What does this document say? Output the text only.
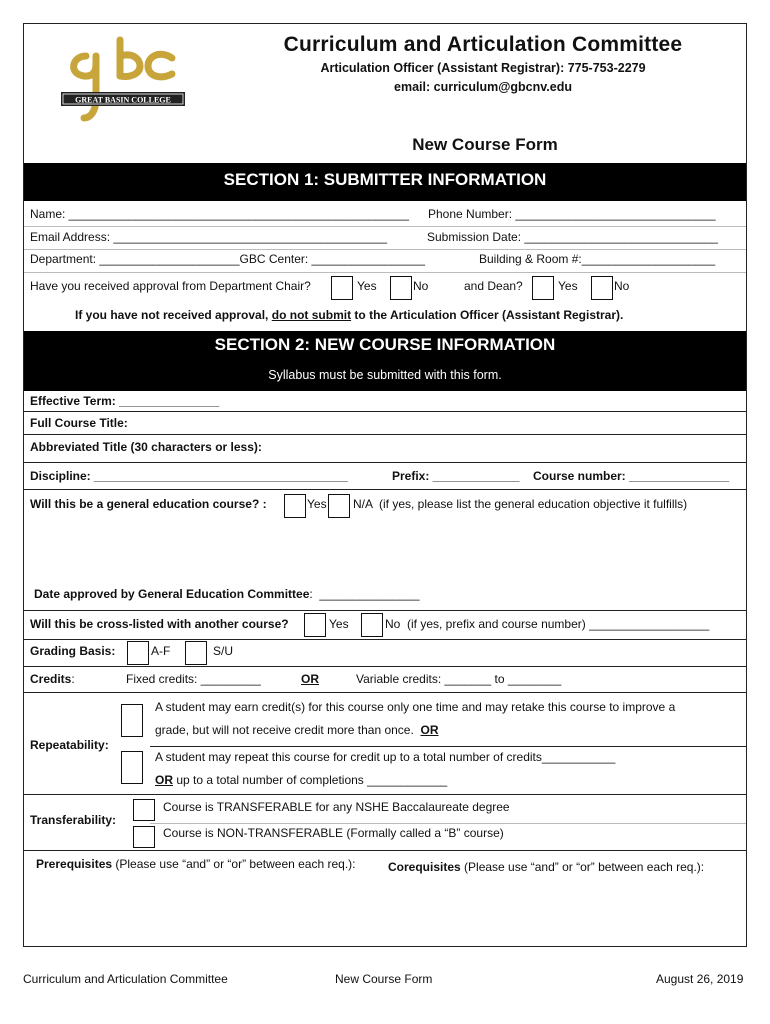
GREAT BASIN COLLEGE
Curriculum and Articulation Committee
Articulation Officer (Assistant Registrar): 775-753-2279
email: curriculum@gbcnv.edu
New Course Form
SECTION 1: SUBMITTER INFORMATION
Name: ___________________________________________________ Phone Number: ______________________________
Email Address: _________________________________________	Submission Date: _____________________________
Department: _____________________GBC Center: _________________	Building & Room #:____________________
Have you received approval from Department Chair?	Yes	No	and Dean?	Yes	No
If you have not received approval, do not submit to the Articulation Officer (Assistant Registrar).
SECTION 2: NEW COURSE INFORMATION
Syllabus must be submitted with this form.
Effective Term: _______________
Full Course Title:
Abbreviated Title (30 characters or less):
Discipline: ______________________________________	Prefix: _____________ Course number: _______________
Will this be a general education course? :	Yes N/A  (if yes, please list the general education objective it fulfills)
Date approved by General Education Committee:  _______________
Will this be cross-listed with another course?	Yes	No  (if yes, prefix and course number) __________________
Grading Basis:	A-F	S/U
Credits:	Fixed credits: _________	OR	Variable credits: _______ to ________
Repeatability:
A student may earn credit(s) for this course only one time and may retake this course to improve a
grade, but will not receive credit more than once. OR
A student may repeat this course for credit up to a total number of credits___________
OR up to a total number of completions ____________
Transferability:
Course is TRANSFERABLE for any NSHE Baccalaureate degree
Course is NON-TRANSFERABLE (Formally called a “B” course)
Prerequisites (Please use “and” or “or” between each req.):	Corequisites (Please use “and” or “or” between each req.):
Curriculum and Articulation Committee	New Course Form	August 26, 2019
